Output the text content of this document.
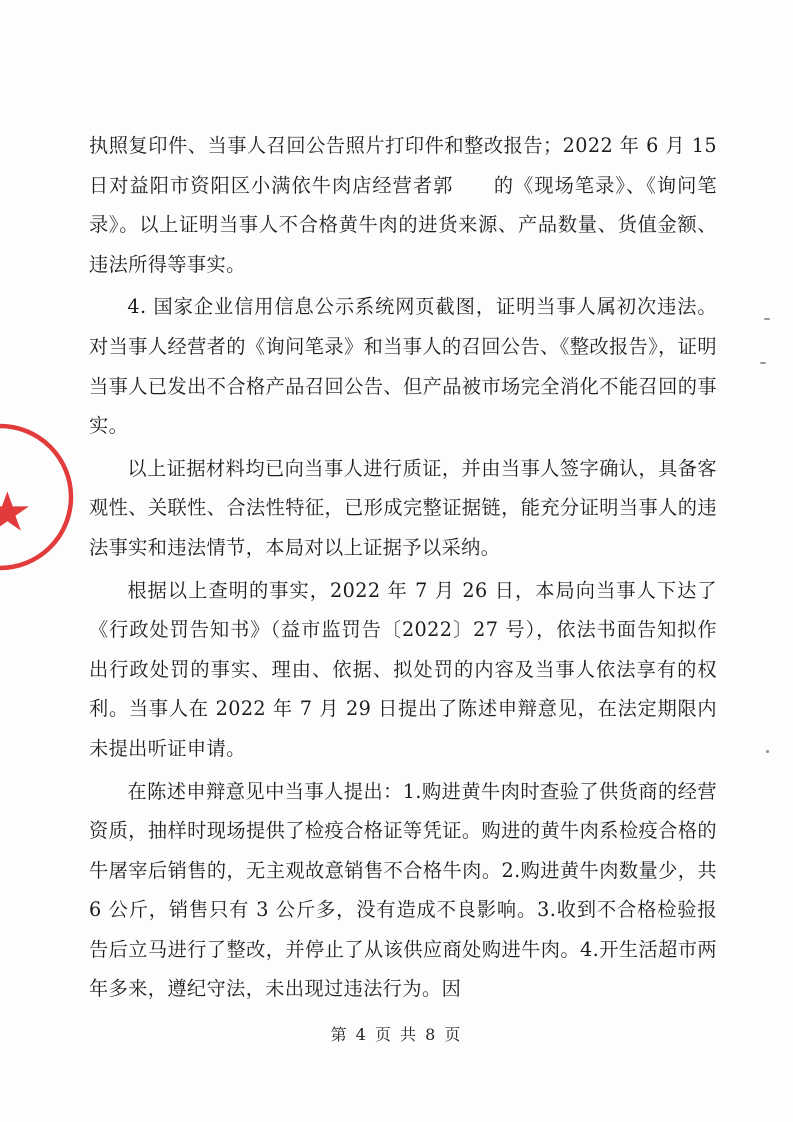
执照复印件、当事人召回公告照片打印件和整改报告；2022 年 6 月 15 日对益阳市资阳区小满依牛肉店经营者郭　　的《现场笔录》、《询问笔录》。以上证明当事人不合格黄牛肉的进货来源、产品数量、货值金额、违法所得等事实。

4. 国家企业信用信息公示系统网页截图，证明当事人属初次违法。对当事人经营者的《询问笔录》和当事人的召回公告、《整改报告》，证明当事人已发出不合格产品召回公告、但产品被市场完全消化不能召回的事实。

以上证据材料均已向当事人进行质证，并由当事人签字确认，具备客观性、关联性、合法性特征，已形成完整证据链，能充分证明当事人的违法事实和违法情节，本局对以上证据予以采纳。

根据以上查明的事实，2022 年 7 月 26 日，本局向当事人下达了《行政处罚告知书》（益市监罚告〔2022〕27 号），依法书面告知拟作出行政处罚的事实、理由、依据、拟处罚的内容及当事人依法享有的权利。当事人在 2022 年 7 月 29 日提出了陈述申辩意见，在法定期限内未提出听证申请。

在陈述申辩意见中当事人提出：1.购进黄牛肉时查验了供货商的经营资质，抽样时现场提供了检疫合格证等凭证。购进的黄牛肉系检疫合格的牛屠宰后销售的，无主观故意销售不合格牛肉。2.购进黄牛肉数量少，共 6 公斤，销售只有 3 公斤多，没有造成不良影响。3.收到不合格检验报告后立马进行了整改，并停止了从该供应商处购进牛肉。4.开生活超市两年多来，遵纪守法，未出现过违法行为。因

第 4 页 共 8 页
